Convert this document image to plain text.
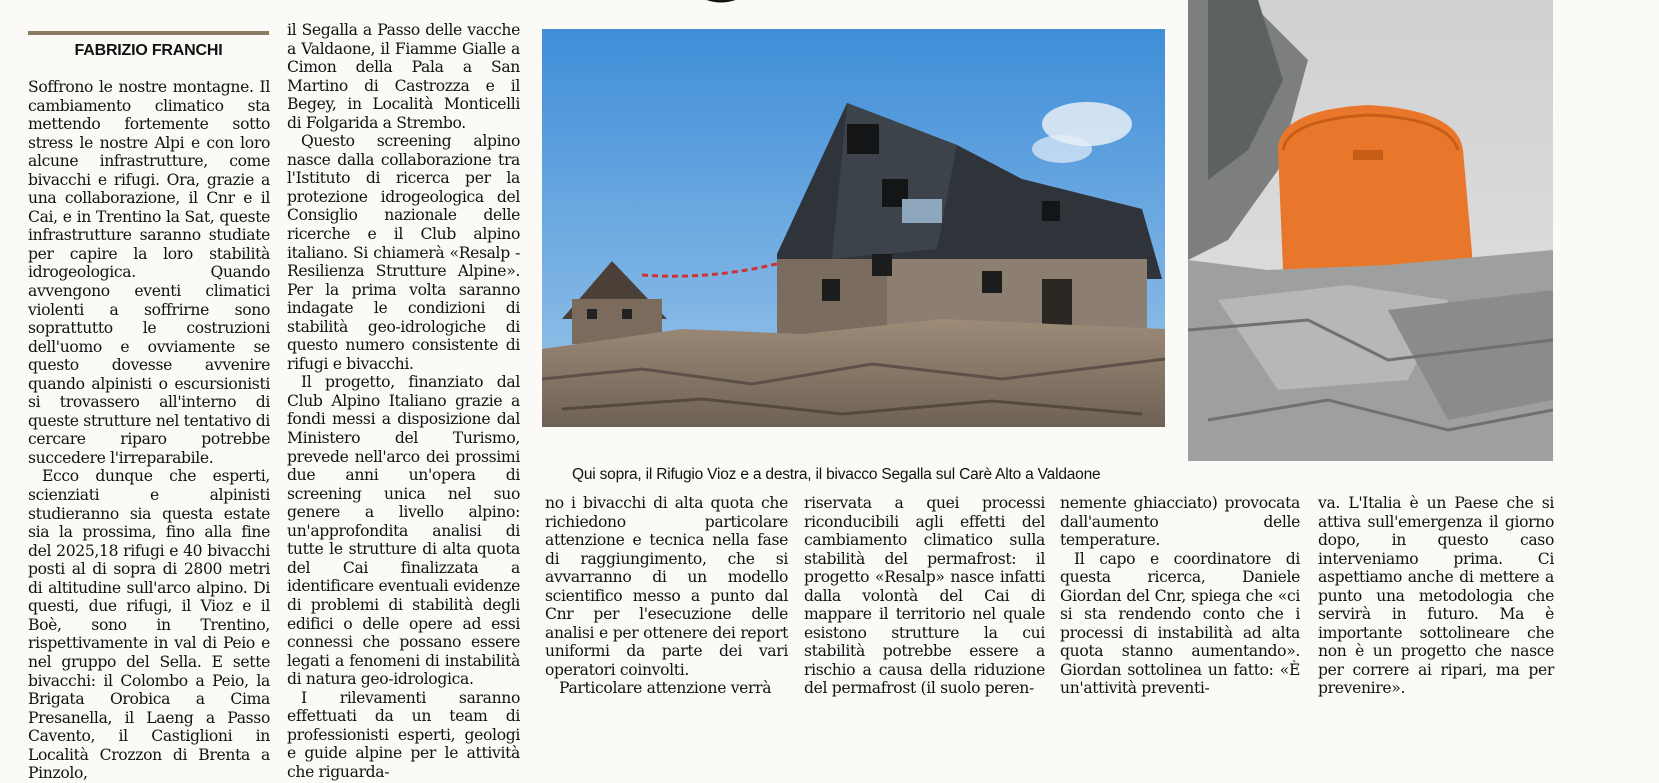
FABRIZIO FRANCHI

Soffrono le nostre montagne. Il cambiamento climatico sta mettendo fortemente sotto stress le nostre Alpi e con loro alcune infrastrutture, come bivacchi e rifugi. Ora, grazie a una collaborazione, il Cnr e il Cai, e in Trentino la Sat, queste infrastrutture saranno studiate per capire la loro stabilità idrogeologica. Quando avvengono eventi climatici violenti a soffrirne sono soprattutto le costruzioni dell'uomo e ovviamente se questo dovesse avvenire quando alpinisti o escursionisti si trovassero all'interno di queste strutture nel tentativo di cercare riparo potrebbe succedere l'irreparabile.

Ecco dunque che esperti, scienziati e alpinisti studieranno sia questa estate sia la prossima, fino alla fine del 2025,18 rifugi e 40 bivacchi posti al di sopra di 2800 metri di altitudine sull'arco alpino. Di questi, due rifugi, il Vioz e il Boè, sono in Trentino, rispettivamente in val di Peio e nel gruppo del Sella. E sette bivacchi: il Colombo a Peio, la Brigata Orobica a Cima Presanella, il Laeng a Passo Cavento, il Castiglioni in Località Crozzon di Brenta a Pinzolo,

il Segalla a Passo delle vacche a Valdaone, il Fiamme Gialle a Cimon della Pala a San Martino di Castrozza e il Begey, in Località Monticelli di Folgarida a Strembo.

Questo screening alpino nasce dalla collaborazione tra l'Istituto di ricerca per la protezione idrogeologica del Consiglio nazionale delle ricerche e il Club alpino italiano. Si chiamerà «Resalp - Resilienza Strutture Alpine». Per la prima volta saranno indagate le condizioni di stabilità geo-idrologiche di questo numero consistente di rifugi e bivacchi.

Il progetto, finanziato dal Club Alpino Italiano grazie a fondi messi a disposizione dal Ministero del Turismo, prevede nell'arco dei prossimi due anni un'opera di screening unica nel suo genere a livello alpino: un'approfondita analisi di tutte le strutture di alta quota del Cai finalizzata a identificare eventuali evidenze di problemi di stabilità degli edifici o delle opere ad essi connessi che possano essere legati a fenomeni di instabilità di natura geo-idrologica.

I rilevamenti saranno effettuati da un team di professionisti esperti, geologi e guide alpine per le attività che riguarda-

no i bivacchi di alta quota che richiedono particolare attenzione e tecnica nella fase di raggiungimento, che si avvarranno di un modello scientifico messo a punto dal Cnr per l'esecuzione delle analisi e per ottenere dei report uniformi da parte dei vari operatori coinvolti.

Particolare attenzione verrà

riservata a quei processi riconducibili agli effetti del cambiamento climatico sulla stabilità del permafrost: il progetto «Resalp» nasce infatti dalla volontà del Cai di mappare il territorio nel quale esistono strutture la cui stabilità potrebbe essere a rischio a causa della riduzione del permafrost (il suolo peren-

nemente ghiacciato) provocata dall'aumento delle temperature.

Il capo e coordinatore di questa ricerca, Daniele Giordan del Cnr, spiega che «ci si sta rendendo conto che i processi di instabilità ad alta quota stanno aumentando». Giordan sottolinea un fatto: «È un'attività preventi-

va. L'Italia è un Paese che si attiva sull'emergenza il giorno dopo, in questo caso interveniamo prima. Ci aspettiamo anche di mettere a punto una metodologia che servirà in futuro. Ma è importante sottolineare che non è un progetto che nasce per correre ai ripari, ma per prevenire».

Qui sopra, il Rifugio Vioz e a destra, il bivacco Segalla sul Carè Alto a Valdaone
